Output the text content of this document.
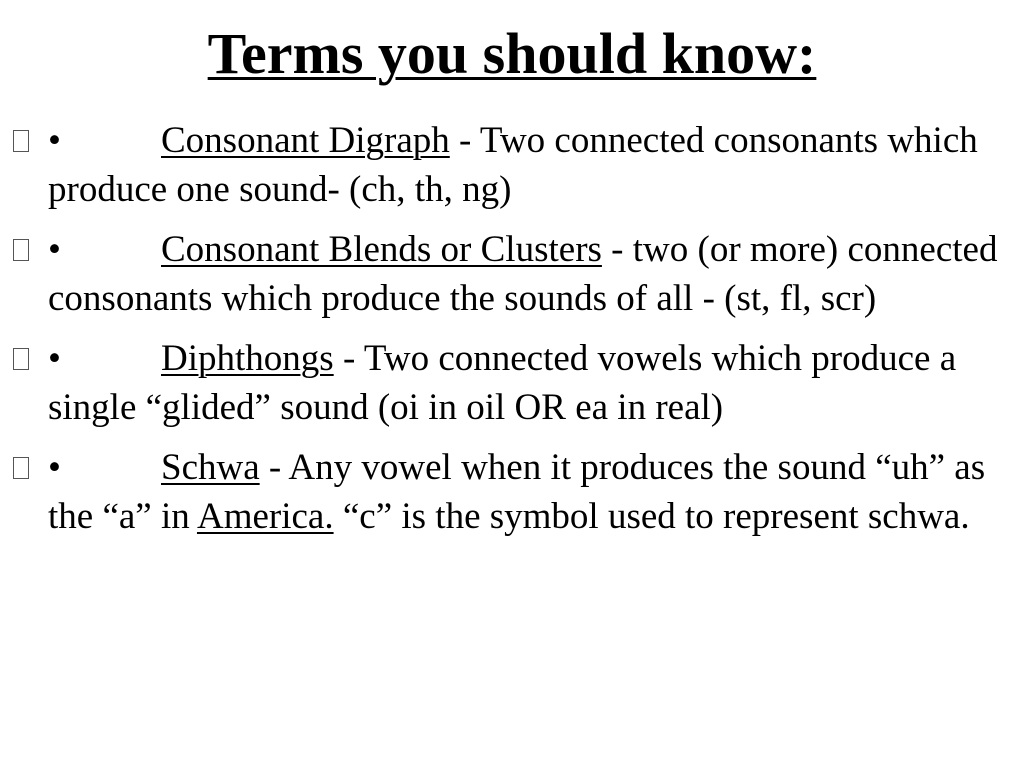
Terms you should know:
•	Consonant Digraph - Two connected consonants which produce one sound- (ch, th, ng)
•	Consonant Blends or Clusters - two (or more) connected consonants which produce the sounds of all - (st, fl, scr)
•	Diphthongs - Two connected vowels which produce a single “glided” sound (oi in oil OR ea in real)
•	Schwa - Any vowel when it produces the sound “uh” as the “a” in America. “c” is the symbol used to represent schwa.
